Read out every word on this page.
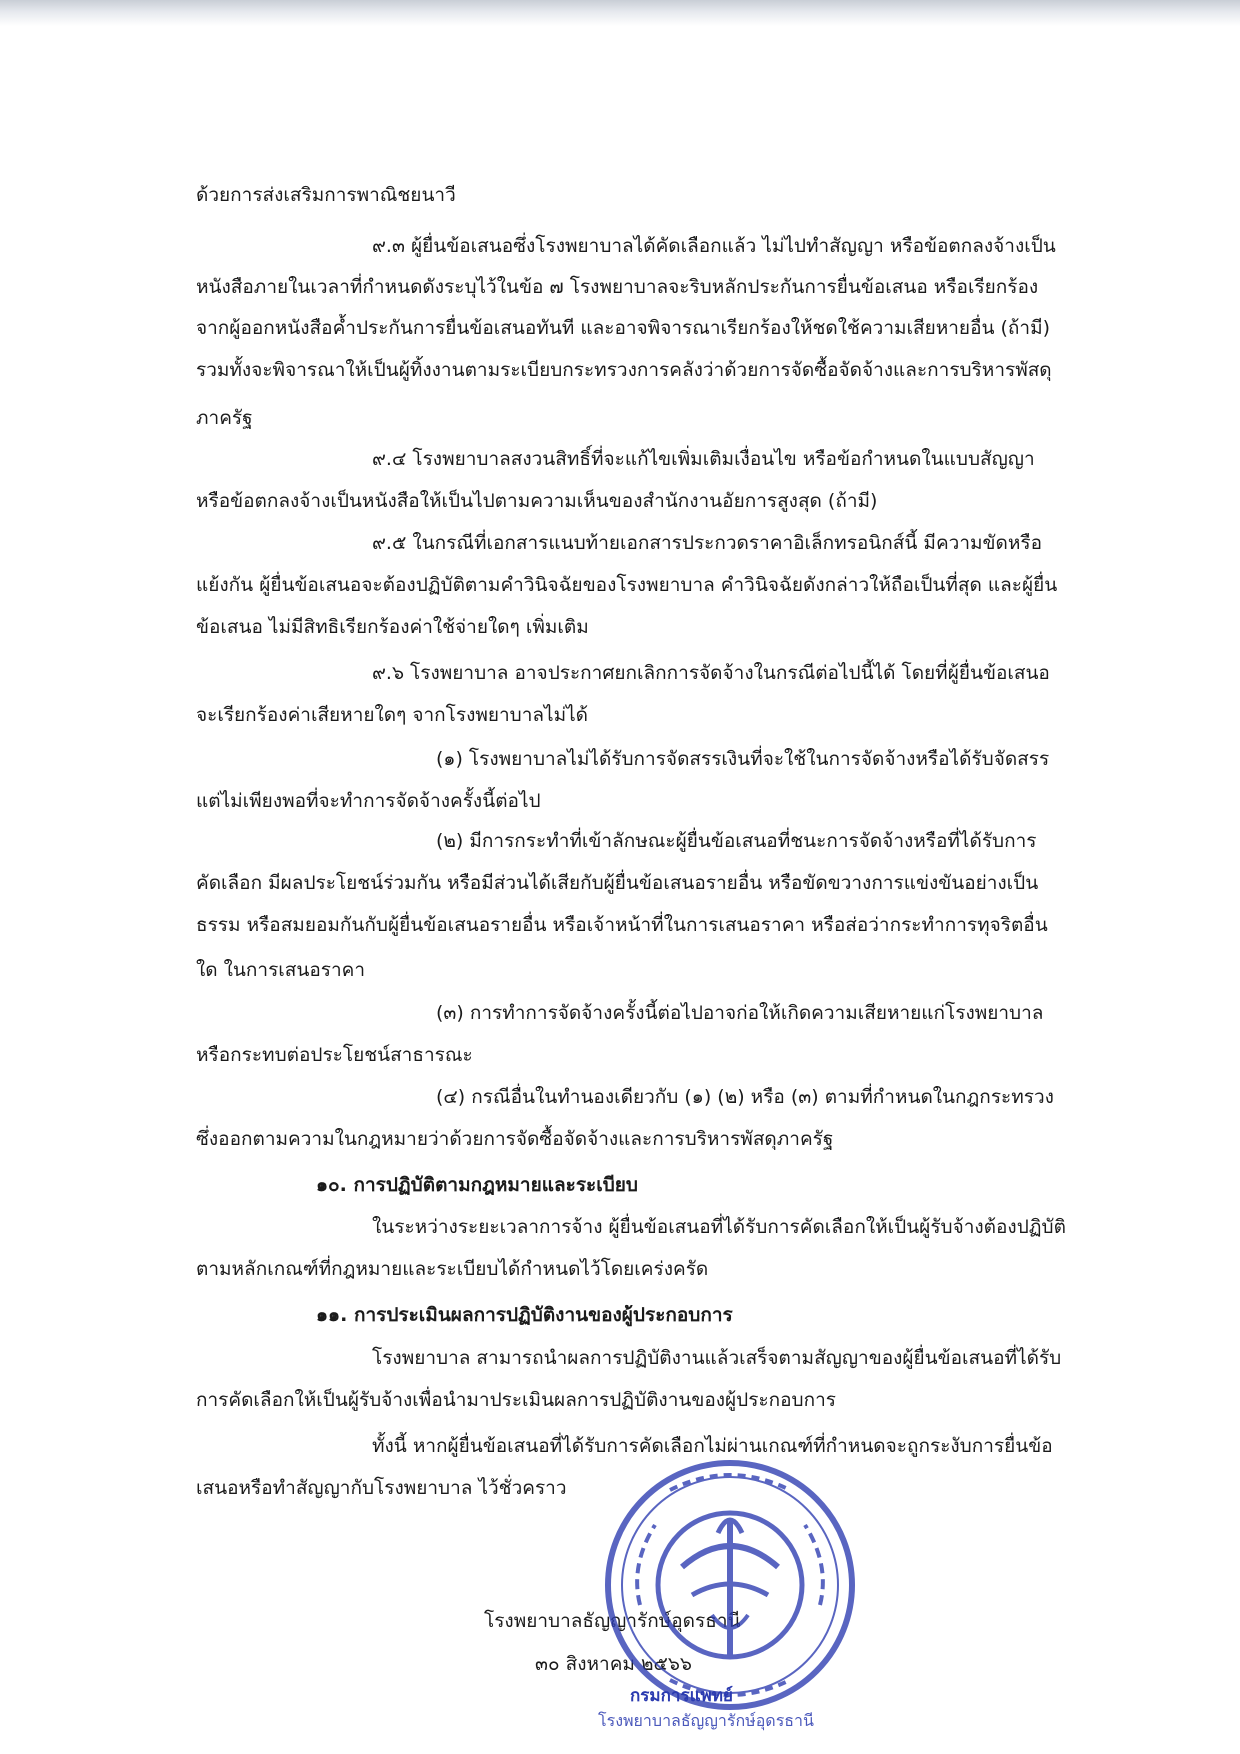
ด้วยการส่งเสริมการพาณิชยนาวี
๙.๓ ผู้ยื่นข้อเสนอซึ่งโรงพยาบาลได้คัดเลือกแล้ว ไม่ไปทำสัญญา หรือข้อตกลงจ้างเป็น
หนังสือภายในเวลาที่กำหนดดังระบุไว้ในข้อ ๗ โรงพยาบาลจะริบหลักประกันการยื่นข้อเสนอ หรือเรียกร้อง
จากผู้ออกหนังสือค้ำประกันการยื่นข้อเสนอทันที และอาจพิจารณาเรียกร้องให้ชดใช้ความเสียหายอื่น (ถ้ามี)
รวมทั้งจะพิจารณาให้เป็นผู้ทิ้งงานตามระเบียบกระทรวงการคลังว่าด้วยการจัดซื้อจัดจ้างและการบริหารพัสดุ
ภาครัฐ
๙.๔ โรงพยาบาลสงวนสิทธิ์ที่จะแก้ไขเพิ่มเติมเงื่อนไข หรือข้อกำหนดในแบบสัญญา
หรือข้อตกลงจ้างเป็นหนังสือให้เป็นไปตามความเห็นของสำนักงานอัยการสูงสุด (ถ้ามี)
๙.๕ ในกรณีที่เอกสารแนบท้ายเอกสารประกวดราคาอิเล็กทรอนิกส์นี้ มีความขัดหรือ
แย้งกัน ผู้ยื่นข้อเสนอจะต้องปฏิบัติตามคำวินิจฉัยของโรงพยาบาล คำวินิจฉัยดังกล่าวให้ถือเป็นที่สุด และผู้ยื่น
ข้อเสนอ ไม่มีสิทธิเรียกร้องค่าใช้จ่ายใดๆ เพิ่มเติม
๙.๖ โรงพยาบาล อาจประกาศยกเลิกการจัดจ้างในกรณีต่อไปนี้ได้ โดยที่ผู้ยื่นข้อเสนอ
จะเรียกร้องค่าเสียหายใดๆ จากโรงพยาบาลไม่ได้
(๑) โรงพยาบาลไม่ได้รับการจัดสรรเงินที่จะใช้ในการจัดจ้างหรือได้รับจัดสรร
แต่ไม่เพียงพอที่จะทำการจัดจ้างครั้งนี้ต่อไป
(๒) มีการกระทำที่เข้าลักษณะผู้ยื่นข้อเสนอที่ชนะการจัดจ้างหรือที่ได้รับการ
คัดเลือก มีผลประโยชน์ร่วมกัน หรือมีส่วนได้เสียกับผู้ยื่นข้อเสนอรายอื่น หรือขัดขวางการแข่งขันอย่างเป็น
ธรรม หรือสมยอมกันกับผู้ยื่นข้อเสนอรายอื่น หรือเจ้าหน้าที่ในการเสนอราคา หรือส่อว่ากระทำการทุจริตอื่น
ใด ในการเสนอราคา
(๓) การทำการจัดจ้างครั้งนี้ต่อไปอาจก่อให้เกิดความเสียหายแก่โรงพยาบาล
หรือกระทบต่อประโยชน์สาธารณะ
(๔) กรณีอื่นในทำนองเดียวกับ (๑) (๒) หรือ (๓) ตามที่กำหนดในกฎกระทรวง
ซึ่งออกตามความในกฎหมายว่าด้วยการจัดซื้อจัดจ้างและการบริหารพัสดุภาครัฐ
๑๐. การปฏิบัติตามกฎหมายและระเบียบ
ในระหว่างระยะเวลาการจ้าง ผู้ยื่นข้อเสนอที่ได้รับการคัดเลือกให้เป็นผู้รับจ้างต้องปฏิบัติ
ตามหลักเกณฑ์ที่กฎหมายและระเบียบได้กำหนดไว้โดยเคร่งครัด
๑๑. การประเมินผลการปฏิบัติงานของผู้ประกอบการ
โรงพยาบาล สามารถนำผลการปฏิบัติงานแล้วเสร็จตามสัญญาของผู้ยื่นข้อเสนอที่ได้รับ
การคัดเลือกให้เป็นผู้รับจ้างเพื่อนำมาประเมินผลการปฏิบัติงานของผู้ประกอบการ
ทั้งนี้ หากผู้ยื่นข้อเสนอที่ได้รับการคัดเลือกไม่ผ่านเกณฑ์ที่กำหนดจะถูกระงับการยื่นข้อ
เสนอหรือทำสัญญากับโรงพยาบาล ไว้ชั่วคราว
โรงพยาบาลธัญญารักษ์อุดรธานี
๓๐ สิงหาคม ๒๕๖๖
กรมการแพทย์
โรงพยาบาลธัญญารักษ์อุดรธานี
